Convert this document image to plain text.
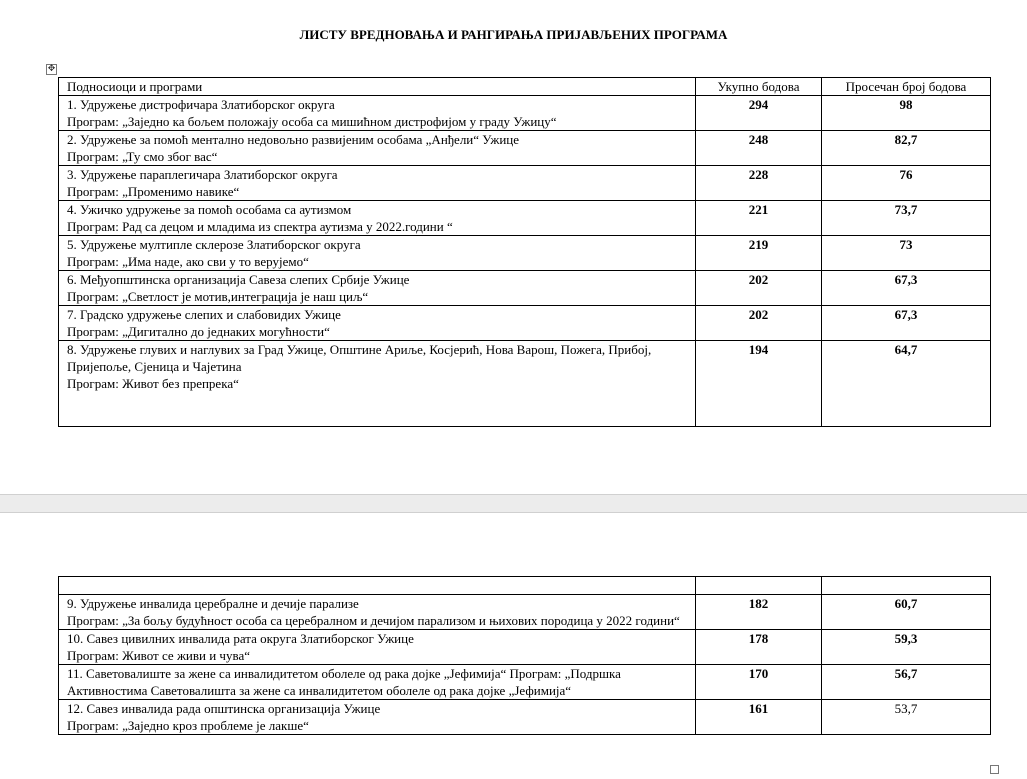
ЛИСТУ ВРЕДНОВАЊА И РАНГИРАЊА ПРИЈАВЉЕНИХ ПРОГРАМА
✥
Подносиоци и програми	Укупно бодова	Просечан број бодова

1. Удружење дистрофичара Златиборског округа
Програм: „Заједно ка бољем положају особа са мишићном дистрофијом у граду Ужицу“	294	98

2. Удружење за помоћ ментално недовољно развијеним особама „Анђели“ Ужице
Програм: „Ту смо због вас“	248	82,7

3. Удружење параплегичара Златиборског округа
Програм: „Променимо навике“	228	76

4. Ужичко удружење за помоћ особама са аутизмом
Програм: Рад са децом и младима из спектра аутизма у 2022.години “	221	73,7

5. Удружење мултипле склерозе Златиборског округа
Програм: „Има наде, ако сви у то верујемо“	219	73

6. Међуопштинска организација Савеза слепих Србије Ужице
Програм: „Светлост је мотив,интеграција је наш циљ“	202	67,3

7. Градско удружење слепих и слабовидих Ужице
Програм: „Дигитално до једнаких могућности“	202	67,3

8. Удружење глувих и наглувих за Град Ужице, Општине Ариље, Косјерић, Нова Варош, Пожега, Прибој, Пријепоље, Сјеница и Чајетина
Програм: Живот без препрека“	194	64,7

9. Удружење инвалида церебралне и дечије парализе
Програм: „За бољу будућност особа са церебралном и дечијом парализом и њихових породица у 2022 години“	182	60,7

10. Савез цивилних инвалида рата округа Златиборског Ужице
Програм: Живот се живи и чува“	178	59,3

11. Саветовалиште за жене са инвалидитетом оболеле од рака дојке „Јефимија“ Програм: „Подршка Активностима Саветовалишта за жене са инвалидитетом оболеле од рака дојке „Јефимија“	170	56,7

12. Савез инвалида рада општинска организација Ужице
Програм: „Заједно кроз проблеме је лакше“	161	53,7
